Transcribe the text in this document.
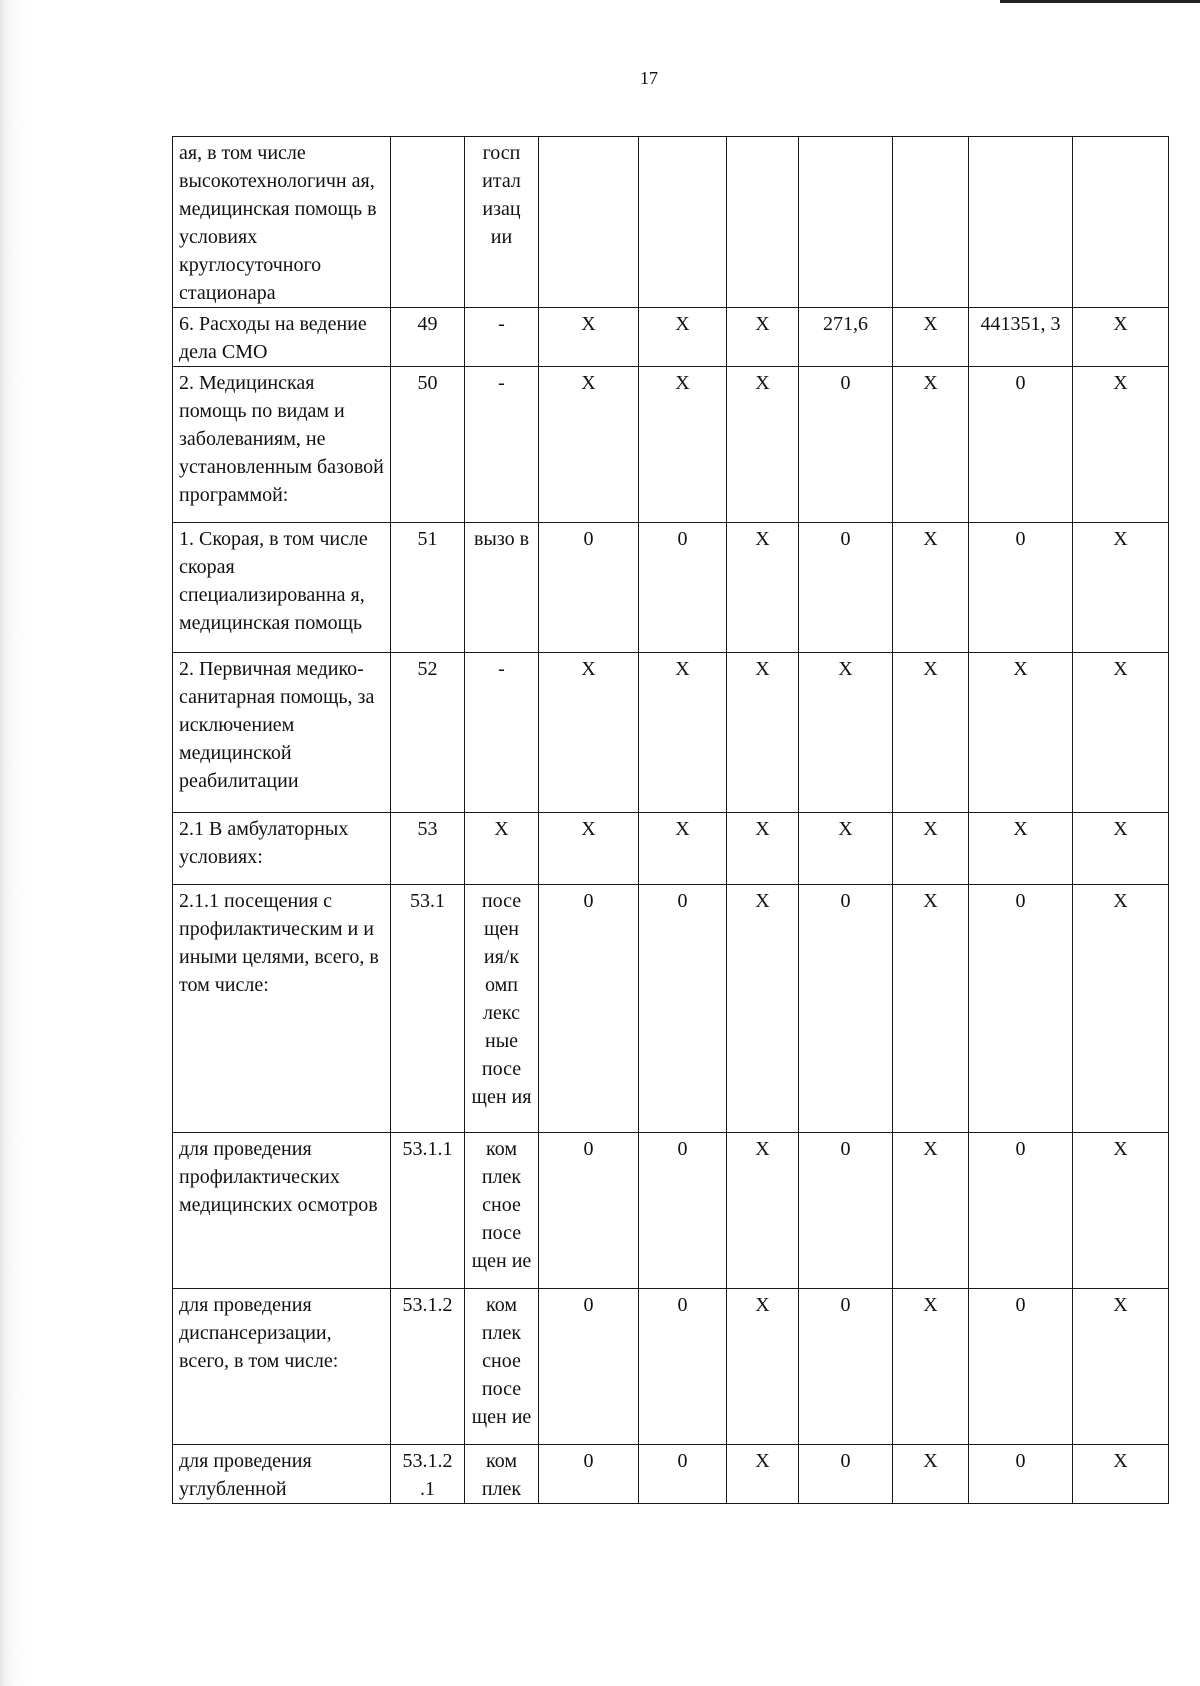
17
ая, в том числе высокотехнологичн ая, медицинская помощь в условиях круглосуточного стационара		госп итал изац ии							
6. Расходы на ведение дела СМО	49	-	X	X	X	271,6	X	441351, 3	X
2. Медицинская помощь по видам и заболеваниям, не установленным базовой программой:	50	-	X	X	X	0	X	0	X
1. Скорая, в том числе скорая специализированна я, медицинская помощь	51	вызо в	0	0	X	0	X	0	X
2. Первичная медико-санитарная помощь, за исключением медицинской реабилитации	52	-	X	X	X	X	X	X	X
2.1 В амбулаторных условиях:	53	X	X	X	X	X	X	X	X
2.1.1 посещения с профилактическим и и иными целями, всего, в том числе:	53.1	посе щен ия/к омп лекс ные посе щен ия	0	0	X	0	X	0	X
для проведения профилактических медицинских осмотров	53.1.1	ком плек сное посе щен ие	0	0	X	0	X	0	X
для проведения диспансеризации, всего, в том числе:	53.1.2	ком плек сное посе щен ие	0	0	X	0	X	0	X
для проведения углубленной	53.1.2 .1	ком плек	0	0	X	0	X	0	X
